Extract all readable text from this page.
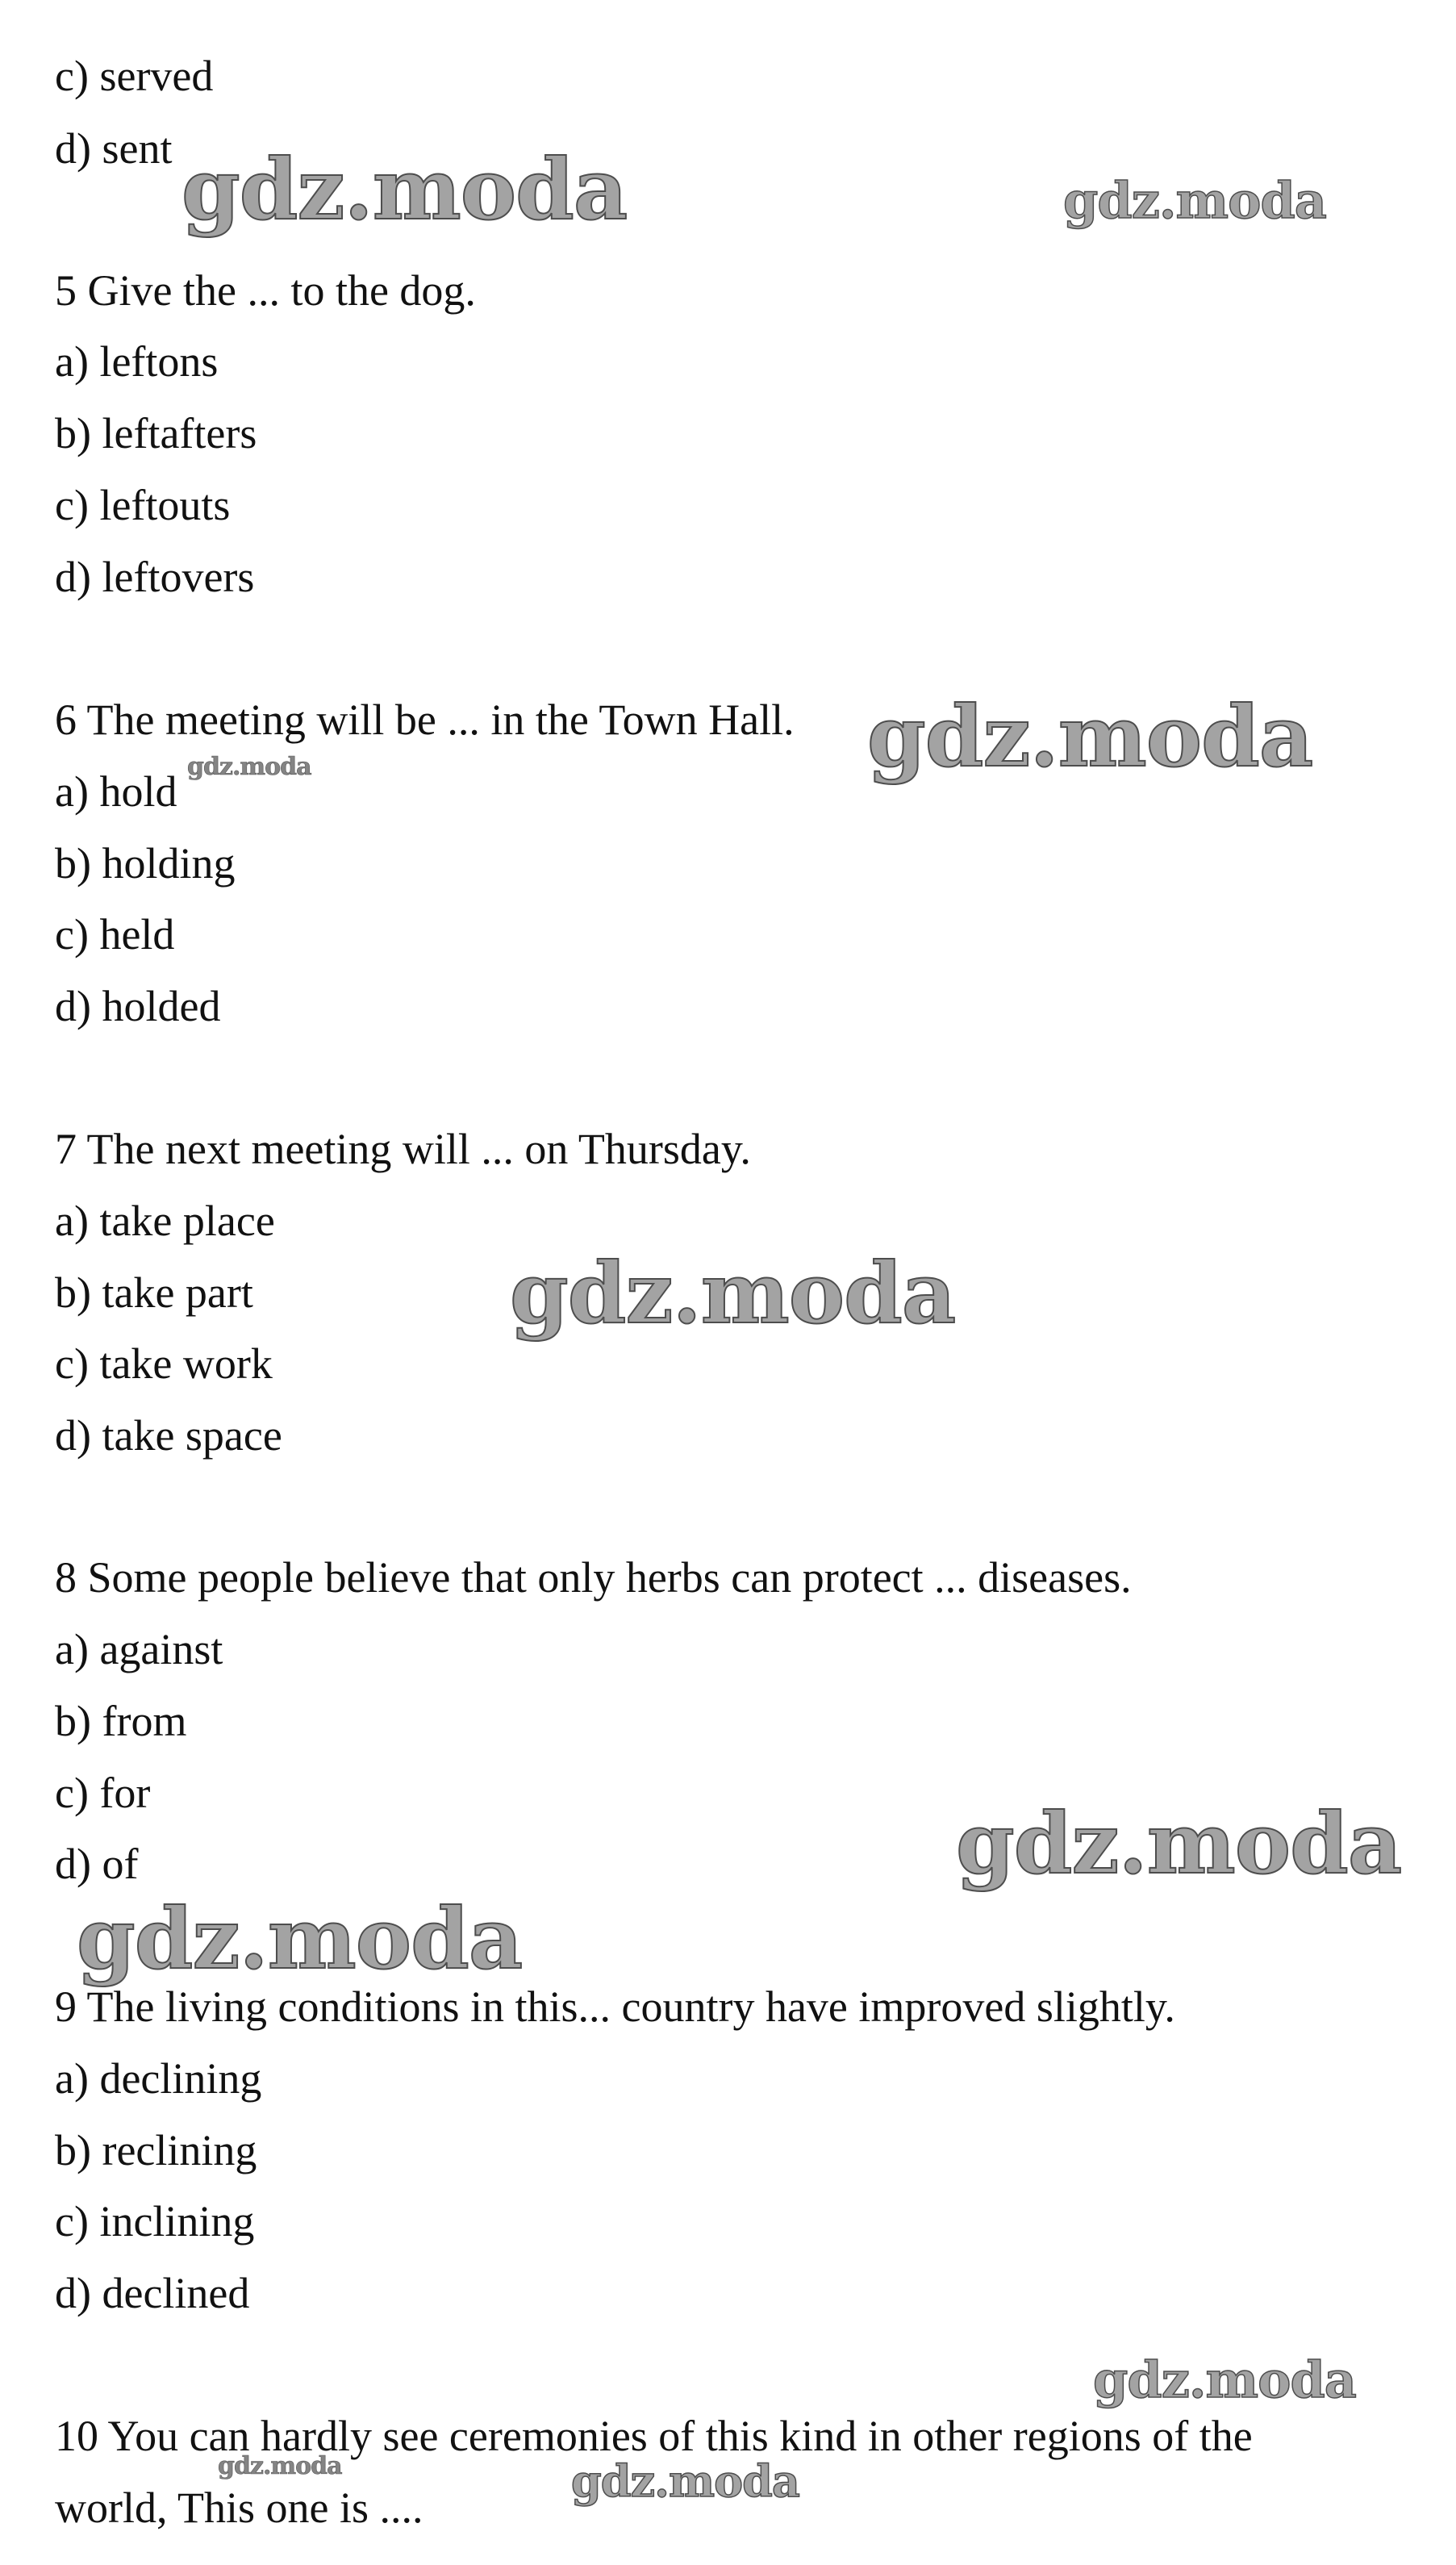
c) served
d) sent
5 Give the ... to the dog.
a) leftons
b) leftafters
c) leftouts
d) leftovers
6 The meeting will be ... in the Town Hall.
a) hold
b) holding
c) held
d) holded
7 The next meeting will ... on Thursday.
a) take place
b) take part
c) take work
d) take space
8 Some people believe that only herbs can protect ... diseases.
a) against
b) from
c) for
d) of
9 The living conditions in this... country have improved slightly.
a) declining
b) reclining
c) inclining
d) declined
10 You can hardly see ceremonies of this kind in other regions of the
world, This one is ....
gdz.moda	gdz.moda
gdz.moda
gdz.moda
gdz.moda
gdz.moda
gdz.moda
gdz.moda
gdz.moda	gdz.moda
